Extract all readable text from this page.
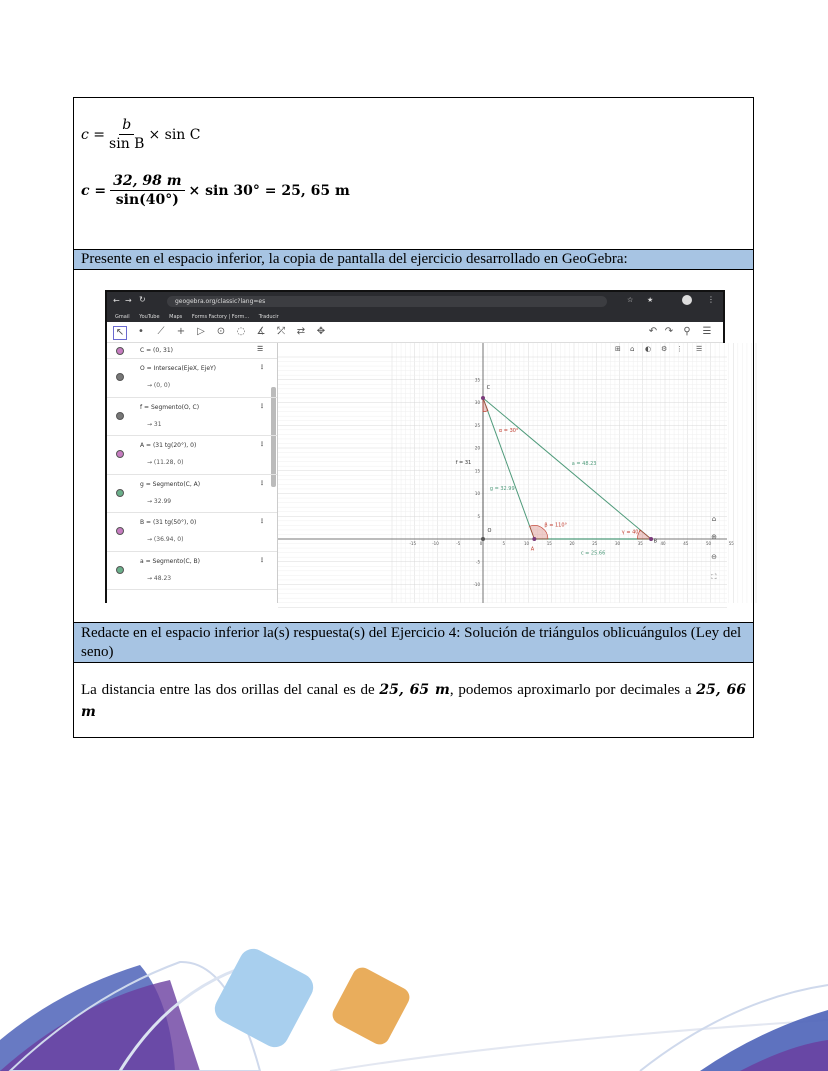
$c = \frac{b}{\text{sin B}} \times \sin C$
$c = \frac{32, 98 m}{\sin(40^\circ)} \times \sin 30^\circ = 25$, 65 m
Presente en el espacio inferior, la copia de pantalla del ejercicio desarrollado en GeoGebra:
Redacte en el espacio inferior la(s) respuesta(s) del Ejercicio 4: Solución de triángulos oblicuángulos (Ley del seno)
La distancia entre las dos orillas del canal es de 25, 65 m, podemos aproximarlo por decimales a 25, 66 m
← → ↻	geogebra.org/classic?lang=es	☆ ★	⋮
Gmail YouTube Maps Forms Factory | Form... Traducir
↖	•	⟋ + ▷ ⊙ ◌ ∡ ⤱ ⇄ ✥	↶ ↷ ⚲ ☰
☰
C = (0, 31)
O = Interseca(EjeX, EjeY)
→ (0, 0)
⋮
f = Segmento(O, C)
→ 31
⋮
A = (31 tg(20°), 0)
→ (11.28, 0)
⋮
g = Segmento(C, A)
→ 32.99
⋮
B = (31 tg(50°), 0)
→ (36.94, 0)
⋮
a = Segmento(C, B)
→ 48.23
⋮
-15	-10	-5	0	5	10	15	20	25	30	35	40	45	50	55
35
30
25
20
15
10
5
-5
-10
C
O
A
B
f = 31
g = 32.99
a = 48.23
c = 25.66
α = 30°
β = 110°
γ = 40°
⌂
⊕
⊖
⛶
⊞ ⌂ ◐ ⚙ ⋮ ☰
